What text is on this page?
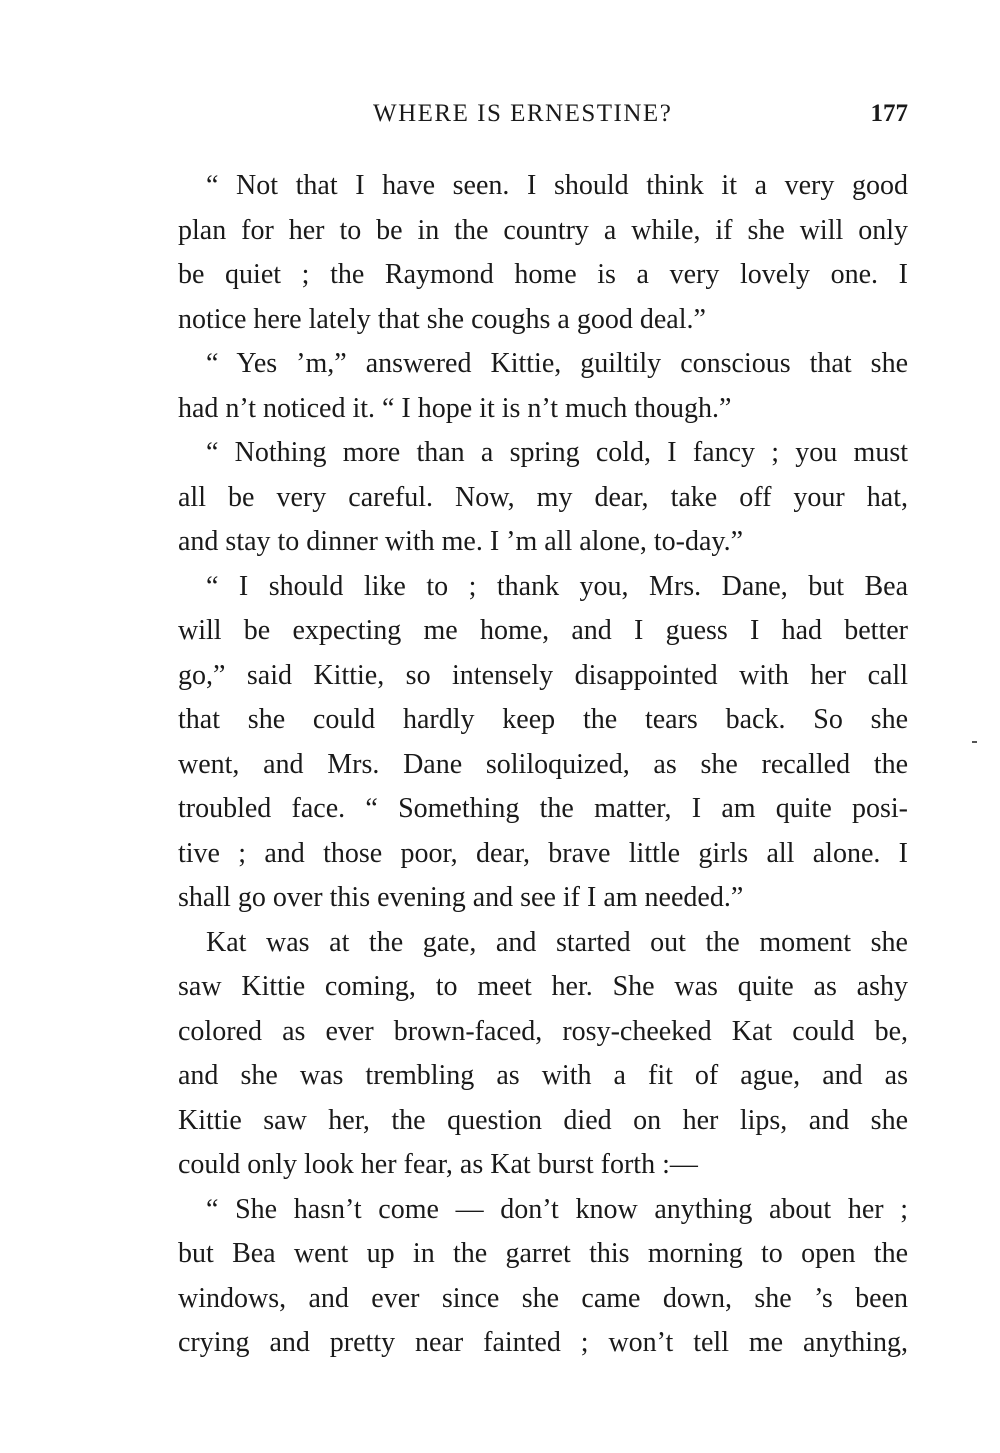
WHERE IS ERNESTINE?	177
“ Not that I have seen. I should think it a very good
plan for her to be in the country a while, if she will only
be quiet ; the Raymond home is a very lovely one. I
notice here lately that she coughs a good deal.”
“ Yes ’m,” answered Kittie, guiltily conscious that she
had n’t noticed it. “ I hope it is n’t much though.”
“ Nothing more than a spring cold, I fancy ; you must
all be very careful. Now, my dear, take off your hat,
and stay to dinner with me. I ’m all alone, to-day.”
“ I should like to ; thank you, Mrs. Dane, but Bea
will be expecting me home, and I guess I had better
go,” said Kittie, so intensely disappointed with her call
that she could hardly keep the tears back. So she
went, and Mrs. Dane soliloquized, as she recalled the
troubled face. “ Something the matter, I am quite posi-
tive ; and those poor, dear, brave little girls all alone. I
shall go over this evening and see if I am needed.”
Kat was at the gate, and started out the moment she
saw Kittie coming, to meet her. She was quite as ashy
colored as ever brown-faced, rosy-cheeked Kat could be,
and she was trembling as with a fit of ague, and as
Kittie saw her, the question died on her lips, and she
could only look her fear, as Kat burst forth :—
“ She hasn’t come — don’t know anything about her ;
but Bea went up in the garret this morning to open the
windows, and ever since she came down, she ’s been
crying and pretty near fainted ; won’t tell me anything,
